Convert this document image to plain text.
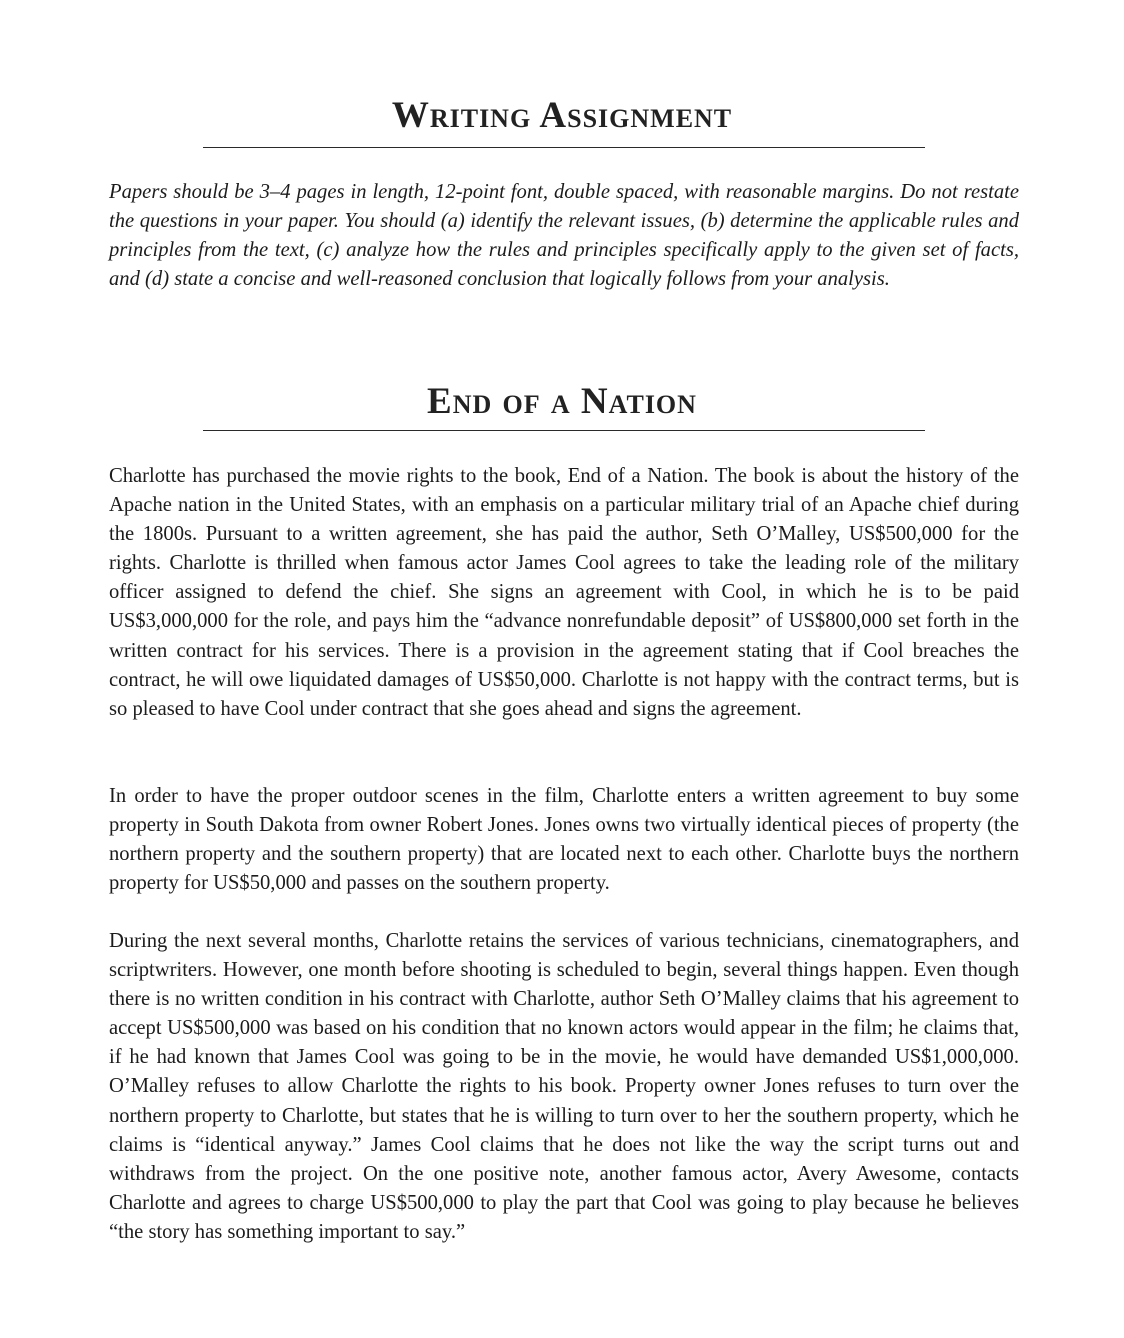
Writing Assignment

Papers should be 3–4 pages in length, 12-point font, double spaced, with reasonable margins. Do not restate the questions in your paper. You should (a) identify the relevant issues, (b) determine the applicable rules and principles from the text, (c) analyze how the rules and principles specifically apply to the given set of facts, and (d) state a concise and well-reasoned conclusion that logically follows from your analysis.

End of a Nation

Charlotte has purchased the movie rights to the book, End of a Nation. The book is about the history of the Apache nation in the United States, with an emphasis on a particular military trial of an Apache chief during the 1800s. Pursuant to a written agreement, she has paid the author, Seth O’Malley, US$500,000 for the rights. Charlotte is thrilled when famous actor James Cool agrees to take the leading role of the military officer assigned to defend the chief. She signs an agreement with Cool, in which he is to be paid US$3,000,000 for the role, and pays him the “advance nonrefundable deposit” of US$800,000 set forth in the written contract for his services. There is a provision in the agreement stating that if Cool breaches the contract, he will owe liquidated damages of US$50,000. Charlotte is not happy with the contract terms, but is so pleased to have Cool under contract that she goes ahead and signs the agreement.

In order to have the proper outdoor scenes in the film, Charlotte enters a written agreement to buy some property in South Dakota from owner Robert Jones. Jones owns two virtually identical pieces of property (the northern property and the southern property) that are located next to each other. Charlotte buys the northern property for US$50,000 and passes on the southern property.

During the next several months, Charlotte retains the services of various technicians, cinematographers, and scriptwriters. However, one month before shooting is scheduled to begin, several things happen. Even though there is no written condition in his contract with Charlotte, author Seth O’Malley claims that his agreement to accept US$500,000 was based on his condition that no known actors would appear in the film; he claims that, if he had known that James Cool was going to be in the movie, he would have demanded US$1,000,000. O’Malley refuses to allow Charlotte the rights to his book. Property owner Jones refuses to turn over the northern property to Charlotte, but states that he is willing to turn over to her the southern property, which he claims is “identical anyway.” James Cool claims that he does not like the way the script turns out and withdraws from the project. On the one positive note, another famous actor, Avery Awesome, contacts Charlotte and agrees to charge US$500,000 to play the part that Cool was going to play because he believes “the story has something important to say.”
